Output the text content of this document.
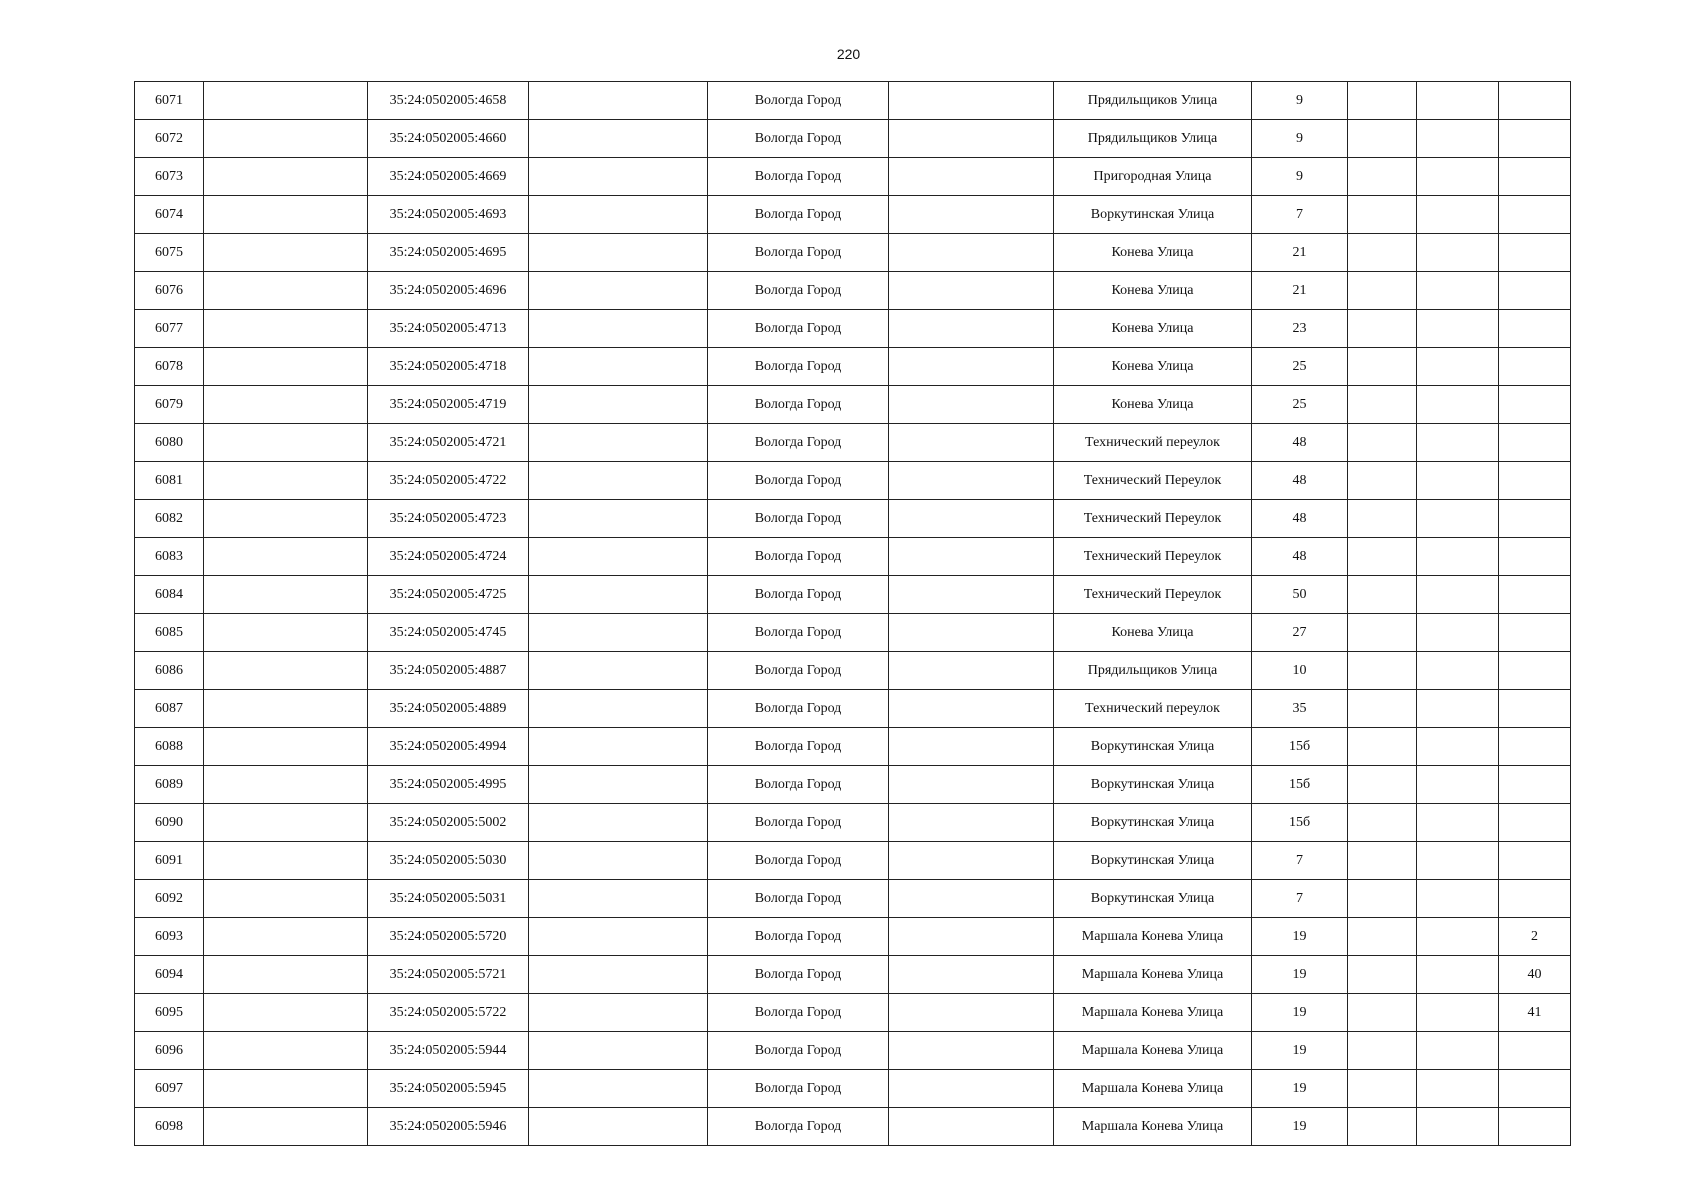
220
6071		35:24:0502005:4658		Вологда Город		Прядильщиков Улица	9			
6072		35:24:0502005:4660		Вологда Город		Прядильщиков Улица	9			
6073		35:24:0502005:4669		Вологда Город		Пригородная Улица	9			
6074		35:24:0502005:4693		Вологда Город		Воркутинская Улица	7			
6075		35:24:0502005:4695		Вологда Город		Конева Улица	21			
6076		35:24:0502005:4696		Вологда Город		Конева Улица	21			
6077		35:24:0502005:4713		Вологда Город		Конева Улица	23			
6078		35:24:0502005:4718		Вологда Город		Конева Улица	25			
6079		35:24:0502005:4719		Вологда Город		Конева Улица	25			
6080		35:24:0502005:4721		Вологда Город		Технический переулок	48			
6081		35:24:0502005:4722		Вологда Город		Технический Переулок	48			
6082		35:24:0502005:4723		Вологда Город		Технический Переулок	48			
6083		35:24:0502005:4724		Вологда Город		Технический Переулок	48			
6084		35:24:0502005:4725		Вологда Город		Технический Переулок	50			
6085		35:24:0502005:4745		Вологда Город		Конева Улица	27			
6086		35:24:0502005:4887		Вологда Город		Прядильщиков Улица	10			
6087		35:24:0502005:4889		Вологда Город		Технический переулок	35			
6088		35:24:0502005:4994		Вологда Город		Воркутинская Улица	15б			
6089		35:24:0502005:4995		Вологда Город		Воркутинская Улица	15б			
6090		35:24:0502005:5002		Вологда Город		Воркутинская Улица	15б			
6091		35:24:0502005:5030		Вологда Город		Воркутинская Улица	7			
6092		35:24:0502005:5031		Вологда Город		Воркутинская Улица	7			
6093		35:24:0502005:5720		Вологда Город		Маршала Конева Улица	19			2
6094		35:24:0502005:5721		Вологда Город		Маршала Конева Улица	19			40
6095		35:24:0502005:5722		Вологда Город		Маршала Конева Улица	19			41
6096		35:24:0502005:5944		Вологда Город		Маршала Конева Улица	19			
6097		35:24:0502005:5945		Вологда Город		Маршала Конева Улица	19			
6098		35:24:0502005:5946		Вологда Город		Маршала Конева Улица	19			
